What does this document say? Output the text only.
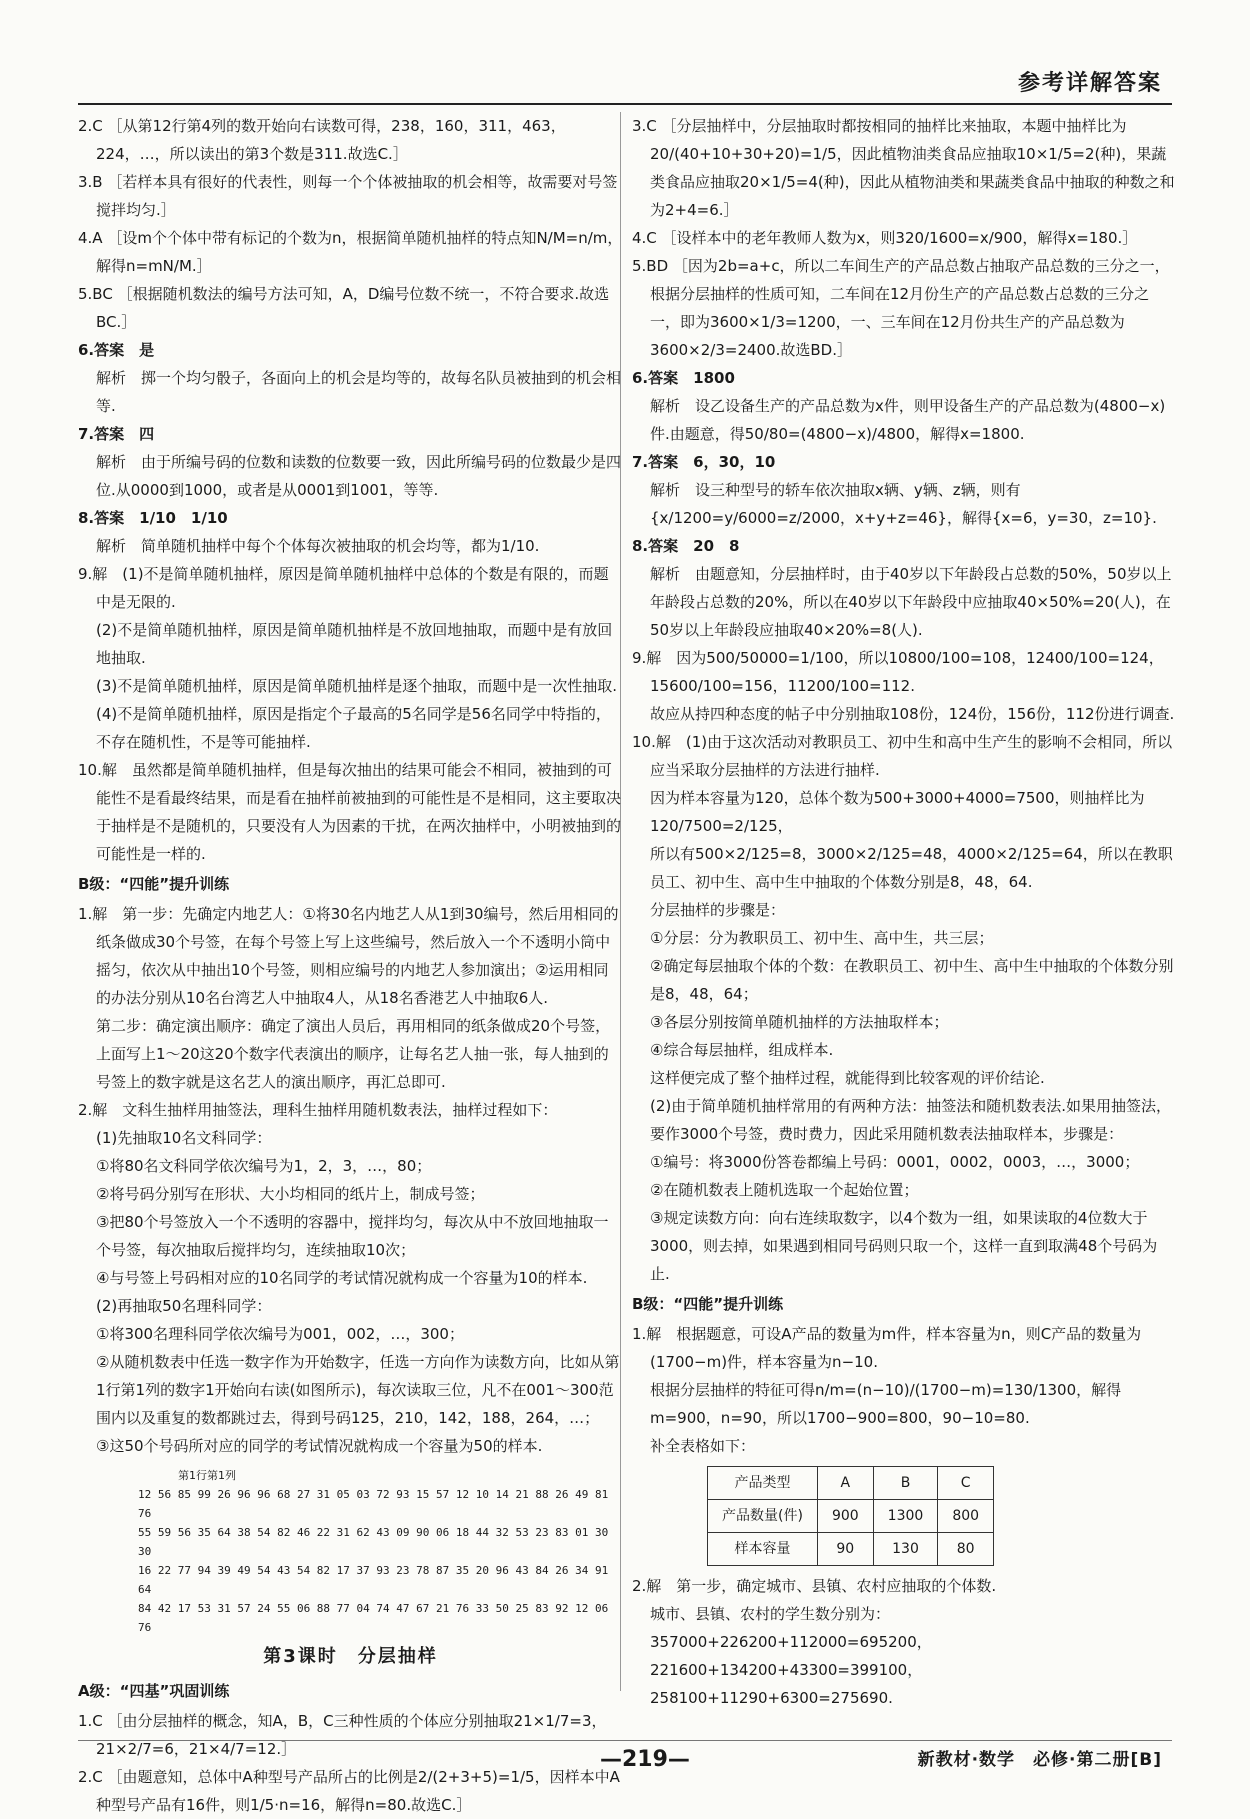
参考详解答案

2.C ［从第12行第4列的数开始向右读数可得，238，160，311，463，224，…，所以读出的第3个数是311.故选C.］

3.B ［若样本具有很好的代表性，则每一个个体被抽取的机会相等，故需要对号签搅拌均匀.］

4.A ［设m个个体中带有标记的个数为n，根据简单随机抽样的特点知N/M=n/m，解得n=mN/M.］

5.BC ［根据随机数法的编号方法可知，A，D编号位数不统一，不符合要求.故选BC.］

6.答案　是

解析　掷一个均匀骰子，各面向上的机会是均等的，故每名队员被抽到的机会相等.

7.答案　四

解析　由于所编号码的位数和读数的位数要一致，因此所编号码的位数最少是四位.从0000到1000，或者是从0001到1001，等等.

8.答案　1/10　1/10

解析　简单随机抽样中每个个体每次被抽取的机会均等，都为1/10.

9.解　(1)不是简单随机抽样，原因是简单随机抽样中总体的个数是有限的，而题中是无限的.

(2)不是简单随机抽样，原因是简单随机抽样是不放回地抽取，而题中是有放回地抽取.

(3)不是简单随机抽样，原因是简单随机抽样是逐个抽取，而题中是一次性抽取.

(4)不是简单随机抽样，原因是指定个子最高的5名同学是56名同学中特指的，不存在随机性，不是等可能抽样.

10.解　虽然都是简单随机抽样，但是每次抽出的结果可能会不相同，被抽到的可能性不是看最终结果，而是看在抽样前被抽到的可能性是不是相同，这主要取决于抽样是不是随机的，只要没有人为因素的干扰，在两次抽样中，小明被抽到的可能性是一样的.

B级：“四能”提升训练

1.解　第一步：先确定内地艺人：①将30名内地艺人从1到30编号，然后用相同的纸条做成30个号签，在每个号签上写上这些编号，然后放入一个不透明小筒中摇匀，依次从中抽出10个号签，则相应编号的内地艺人参加演出；②运用相同的办法分别从10名台湾艺人中抽取4人，从18名香港艺人中抽取6人.

第二步：确定演出顺序：确定了演出人员后，再用相同的纸条做成20个号签，上面写上1～20这20个数字代表演出的顺序，让每名艺人抽一张，每人抽到的号签上的数字就是这名艺人的演出顺序，再汇总即可.

2.解　文科生抽样用抽签法，理科生抽样用随机数表法，抽样过程如下：

(1)先抽取10名文科同学：

①将80名文科同学依次编号为1，2，3，…，80；

②将号码分别写在形状、大小均相同的纸片上，制成号签；

③把80个号签放入一个不透明的容器中，搅拌均匀，每次从中不放回地抽取一个号签，每次抽取后搅拌均匀，连续抽取10次；

④与号签上号码相对应的10名同学的考试情况就构成一个容量为10的样本.

(2)再抽取50名理科同学：

①将300名理科同学依次编号为001，002，…，300；

②从随机数表中任选一数字作为开始数字，任选一方向作为读数方向，比如从第1行第1列的数字1开始向右读(如图所示)，每次读取三位，凡不在001～300范围内以及重复的数都跳过去，得到号码125，210，142，188，264，…；

③这50个号码所对应的同学的考试情况就构成一个容量为50的样本.

第1行第1列
12 56 85 99 26 96 96 68 27 31 05 03 72 93 15 57 12 10 14 21 88 26 49 81 76
55 59 56 35 64 38 54 82 46 22 31 62 43 09 90 06 18 44 32 53 23 83 01 30 30
16 22 77 94 39 49 54 43 54 82 17 37 93 23 78 87 35 20 96 43 84 26 34 91 64
84 42 17 53 31 57 24 55 06 88 77 04 74 47 67 21 76 33 50 25 83 92 12 06 76

第3课时　分层抽样

A级：“四基”巩固训练

1.C ［由分层抽样的概念，知A，B，C三种性质的个体应分别抽取21×1/7=3，21×2/7=6，21×4/7=12.］

2.C ［由题意知，总体中A种型号产品所占的比例是2/(2+3+5)=1/5，因样本中A种型号产品有16件，则1/5·n=16，解得n=80.故选C.］

3.C ［分层抽样中，分层抽取时都按相同的抽样比来抽取，本题中抽样比为20/(40+10+30+20)=1/5，因此植物油类食品应抽取10×1/5=2(种)，果蔬类食品应抽取20×1/5=4(种)，因此从植物油类和果蔬类食品中抽取的种数之和为2+4=6.］

4.C ［设样本中的老年教师人数为x，则320/1600=x/900，解得x=180.］

5.BD ［因为2b=a+c，所以二车间生产的产品总数占抽取产品总数的三分之一，根据分层抽样的性质可知，二车间在12月份生产的产品总数占总数的三分之一，即为3600×1/3=1200，一、三车间在12月份共生产的产品总数为3600×2/3=2400.故选BD.］

6.答案　1800

解析　设乙设备生产的产品总数为x件，则甲设备生产的产品总数为(4800−x)件.由题意，得50/80=(4800−x)/4800，解得x=1800.

7.答案　6，30，10

解析　设三种型号的轿车依次抽取x辆、y辆、z辆，则有{x/1200=y/6000=z/2000，x+y+z=46}，解得{x=6，y=30，z=10}.

8.答案　20　8

解析　由题意知，分层抽样时，由于40岁以下年龄段占总数的50%，50岁以上年龄段占总数的20%，所以在40岁以下年龄段中应抽取40×50%=20(人)，在50岁以上年龄段应抽取40×20%=8(人).

9.解　因为500/50000=1/100，所以10800/100=108，12400/100=124，15600/100=156，11200/100=112.

故应从持四种态度的帖子中分别抽取108份，124份，156份，112份进行调查.

10.解　(1)由于这次活动对教职员工、初中生和高中生产生的影响不会相同，所以应当采取分层抽样的方法进行抽样.

因为样本容量为120，总体个数为500+3000+4000=7500，则抽样比为120/7500=2/125，

所以有500×2/125=8，3000×2/125=48，4000×2/125=64，所以在教职员工、初中生、高中生中抽取的个体数分别是8，48，64.

分层抽样的步骤是：

①分层：分为教职员工、初中生、高中生，共三层；

②确定每层抽取个体的个数：在教职员工、初中生、高中生中抽取的个体数分别是8，48，64；

③各层分别按简单随机抽样的方法抽取样本；

④综合每层抽样，组成样本.

这样便完成了整个抽样过程，就能得到比较客观的评价结论.

(2)由于简单随机抽样常用的有两种方法：抽签法和随机数表法.如果用抽签法，要作3000个号签，费时费力，因此采用随机数表法抽取样本，步骤是：

①编号：将3000份答卷都编上号码：0001，0002，0003，…，3000；

②在随机数表上随机选取一个起始位置；

③规定读数方向：向右连续取数字，以4个数为一组，如果读取的4位数大于3000，则去掉，如果遇到相同号码则只取一个，这样一直到取满48个号码为止.

B级：“四能”提升训练

1.解　根据题意，可设A产品的数量为m件，样本容量为n，则C产品的数量为(1700−m)件，样本容量为n−10.

根据分层抽样的特征可得n/m=(n−10)/(1700−m)=130/1300，解得m=900，n=90，所以1700−900=800，90−10=80.

补全表格如下：

产品类型	A	B	C
产品数量(件)	900	1300	800
样本容量	90	130	80

2.解　第一步，确定城市、县镇、农村应抽取的个体数.

城市、县镇、农村的学生数分别为：

357000+226200+112000=695200，

221600+134200+43300=399100，

258100+11290+6300=275690.

—219—	新教材·数学　必修·第二册[B]
